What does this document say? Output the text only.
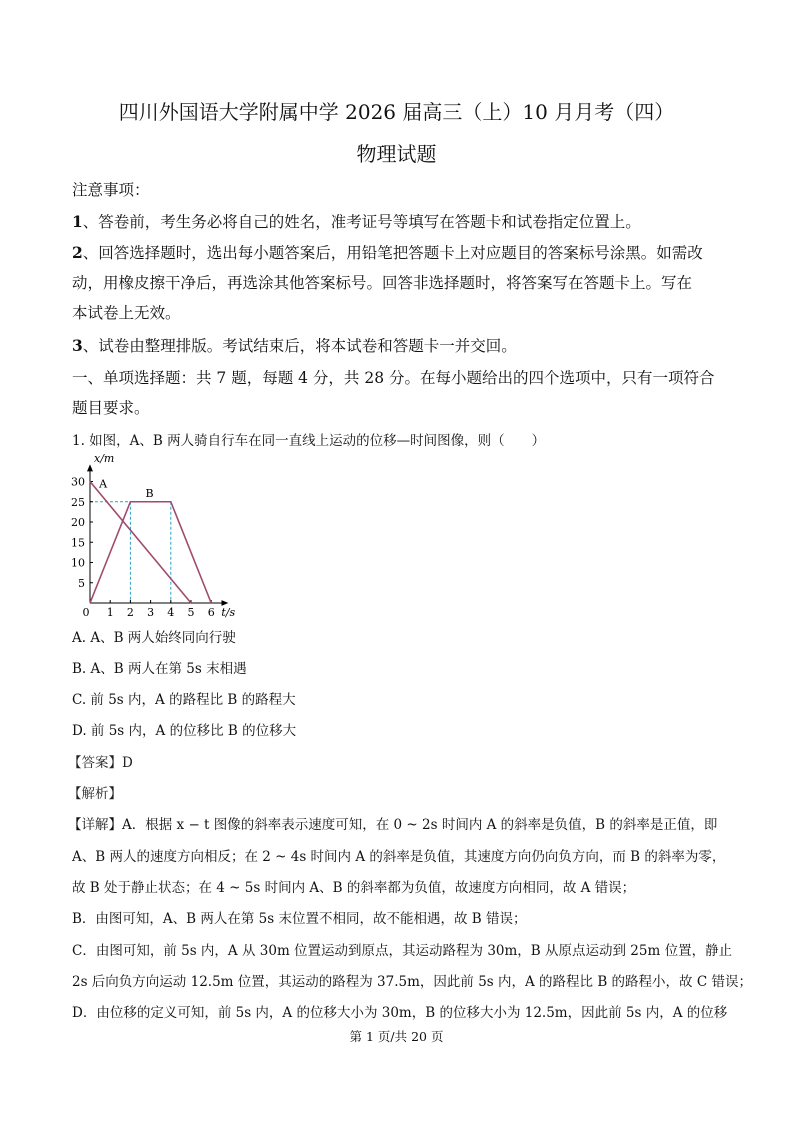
四川外国语大学附属中学 2026 届高三（上）10 月月考（四）
物理试题
注意事项：
1、答卷前，考生务必将自己的姓名，准考证号等填写在答题卡和试卷指定位置上。
2、回答选择题时，选出每小题答案后，用铅笔把答题卡上对应题目的答案标号涂黑。如需改
动，用橡皮擦干净后，再选涂其他答案标号。回答非选择题时，将答案写在答题卡上。写在
本试卷上无效。
3、试卷由整理排版。考试结束后，将本试卷和答题卡一并交回。
一、单项选择题：共 7 题，每题 4 分，共 28 分。在每小题给出的四个选项中，只有一项符合
题目要求。
1. 如图，A、B 两人骑自行车在同一直线上运动的位移—时间图像，则（　　）
1 2 3 4 5 6
5
10
15
20
25
30
x/m
t/s
0
A
B
A. A、B 两人始终同向行驶
B. A、B 两人在第 5s 末相遇
C. 前 5s 内，A 的路程比 B 的路程大
D. 前 5s 内，A 的位移比 B 的位移大
【答案】D
【解析】
【详解】A．根据 x − t 图像的斜率表示速度可知，在 0 ~ 2s 时间内 A 的斜率是负值，B 的斜率是正值，即
A、B 两人的速度方向相反；在 2 ~ 4s 时间内 A 的斜率是负值，其速度方向仍向负方向，而 B 的斜率为零，
故 B 处于静止状态；在 4 ~ 5s 时间内 A、B 的斜率都为负值，故速度方向相同，故 A 错误；
B．由图可知，A、B 两人在第 5s 末位置不相同，故不能相遇，故 B 错误；
C．由图可知，前 5s 内，A 从 30m 位置运动到原点，其运动路程为 30m，B 从原点运动到 25m 位置，静止
2s 后向负方向运动 12.5m 位置，其运动的路程为 37.5m，因此前 5s 内，A 的路程比 B 的路程小，故 C 错误；
D．由位移的定义可知，前 5s 内，A 的位移大小为 30m，B 的位移大小为 12.5m，因此前 5s 内，A 的位移
第 1 页/共 20 页
